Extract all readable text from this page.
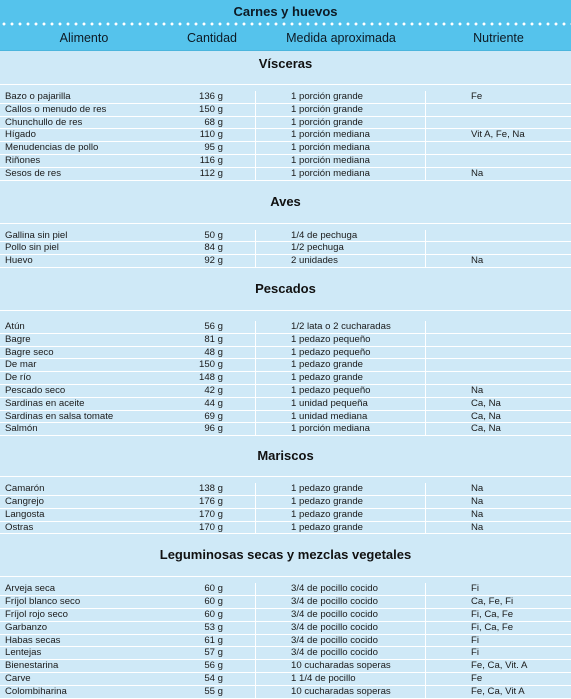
Carnes y huevos
Alimento	Cantidad	Medida aproximada	Nutriente
Vísceras
Bazo o pajarilla	136 g	1 porción grande	Fe
Callos o menudo de res	150 g	1 porción grande
Chunchullo de res	68 g	1 porción grande
Hígado	110 g	1 porción mediana	Vit A, Fe, Na
Menudencias de pollo	95 g	1 porción mediana
Riñones	116 g	1 porción mediana
Sesos de res	112 g	1 porción mediana	Na
Aves
Gallina sin piel	50 g	1/4 de pechuga
Pollo sin piel	84 g	1/2 pechuga
Huevo	92 g	2 unidades	Na
Pescados
Atún	56 g	1/2 lata o 2 cucharadas
Bagre	81 g	1 pedazo pequeño
Bagre seco	48 g	1 pedazo pequeño
De mar	150 g	1 pedazo grande
De río	148 g	1 pedazo grande
Pescado seco	42 g	1 pedazo pequeño	Na
Sardinas en aceite	44 g	1 unidad pequeña	Ca, Na
Sardinas en salsa tomate	69 g	1 unidad mediana	Ca, Na
Salmón	96 g	1 porción mediana	Ca, Na
Mariscos
Camarón	138 g	1 pedazo grande	Na
Cangrejo	176 g	1 pedazo grande	Na
Langosta	170 g	1 pedazo grande	Na
Ostras	170 g	1 pedazo grande	Na
Leguminosas secas y mezclas vegetales
Arveja seca	60 g	3/4 de pocillo cocido	Fi
Fríjol blanco seco	60 g	3/4 de pocillo cocido	Ca, Fe, Fi
Fríjol rojo seco	60 g	3/4 de pocillo cocido	Fi, Ca, Fe
Garbanzo	53 g	3/4 de pocillo cocido	Fi, Ca, Fe
Habas secas	61 g	3/4 de pocillo cocido	Fi
Lentejas	57 g	3/4 de pocillo cocido	Fi
Bienestarina	56 g	10 cucharadas soperas	Fe, Ca, Vit. A
Carve	54 g	1 1/4 de pocillo	Fe
Colombiharina	55 g	10 cucharadas soperas	Fe, Ca, Vit A
